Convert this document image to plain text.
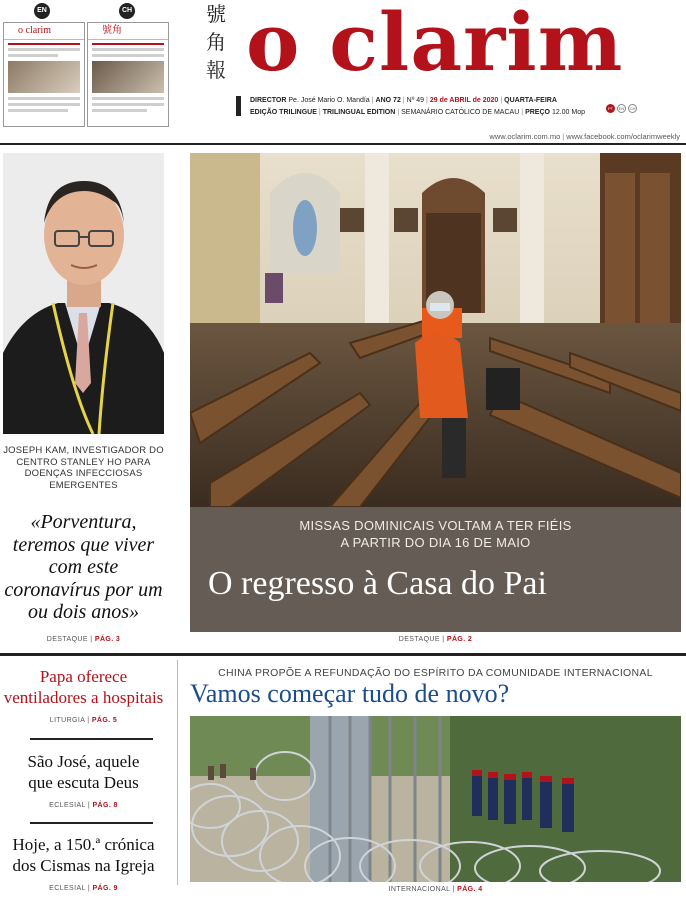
EN
o clarim
CH
號角
號角報 o clarim
DIRECTOR Pe. José Mario O. Mandía | ANO 72 | Nº 49 | 29 de ABRIL de 2020 | QUARTA-FEIRA
EDIÇÃO TRILINGUE | TRILINGUAL EDITION | SEMANÁRIO CATÓLICO DE MACAU | PREÇO 12.00 Mop
PT EN CH
www.oclarim.com.mo | www.facebook.com/oclarimweekly
JOSEPH KAM, INVESTIGADOR DO CENTRO STANLEY HO PARA DOENÇAS INFECCIOSAS EMERGENTES
«Porventura, teremos que viver com este coronavírus por um ou dois anos»
DESTAQUE | PÁG. 3
MISSAS DOMINICAIS VOLTAM A TER FIÉIS
A PARTIR DO DIA 16 DE MAIO
O regresso à Casa do Pai
DESTAQUE | PÁG. 2
Papa oferece
ventiladores a hospitais
LITURGIA | PÁG. 5
São José, aquele
que escuta Deus
ECLESIAL | PÁG. 8
Hoje, a 150.ª crónica
dos Cismas na Igreja
ECLESIAL | PÁG. 9
CHINA PROPÕE A REFUNDAÇÃO DO ESPÍRITO DA COMUNIDADE INTERNACIONAL
Vamos começar tudo de novo?
INTERNACIONAL | PÁG. 4
